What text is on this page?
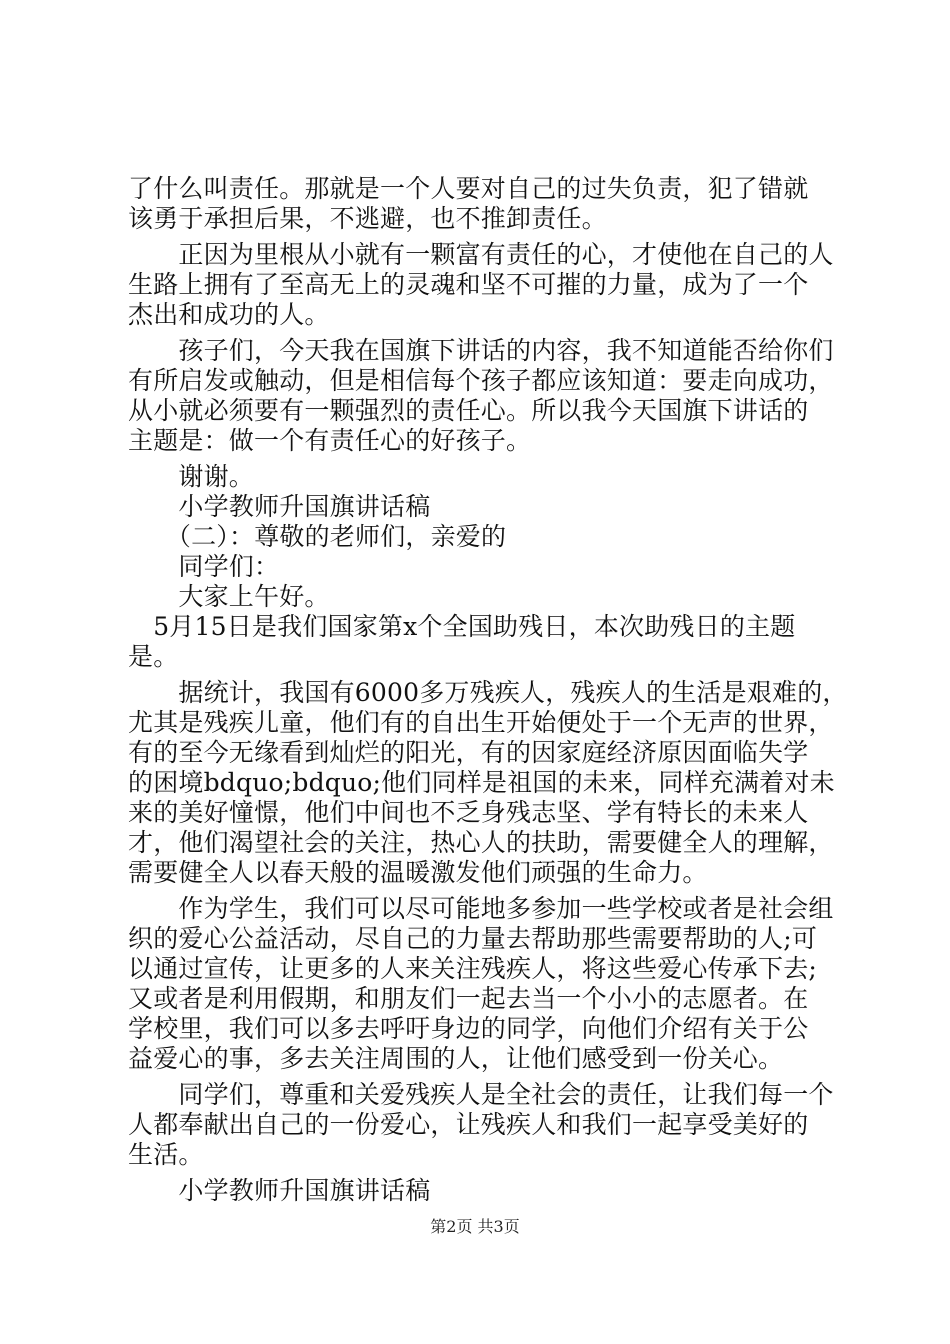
了什么叫责任。那就是一个人要对自己的过失负责，犯了错就
该勇于承担后果，不逃避，也不推卸责任。
　　正因为里根从小就有一颗富有责任的心，才使他在自己的人
生路上拥有了至高无上的灵魂和坚不可摧的力量，成为了一个
杰出和成功的人。
　　孩子们，今天我在国旗下讲话的内容，我不知道能否给你们
有所启发或触动，但是相信每个孩子都应该知道：要走向成功，
从小就必须要有一颗强烈的责任心。所以我今天国旗下讲话的
主题是：做一个有责任心的好孩子。
　　谢谢。
　　小学教师升国旗讲话稿
　　（二）：尊敬的老师们，亲爱的
　　同学们：
　　大家上午好。
　5月15日是我们国家第x个全国助残日，本次助残日的主题
是。
　　据统计，我国有6000多万残疾人，残疾人的生活是艰难的，
尤其是残疾儿童，他们有的自出生开始便处于一个无声的世界，
有的至今无缘看到灿烂的阳光，有的因家庭经济原因面临失学
的困境bdquo;bdquo;他们同样是祖国的未来，同样充满着对未
来的美好憧憬，他们中间也不乏身残志坚、学有特长的未来人
才，他们渴望社会的关注，热心人的扶助，需要健全人的理解，
需要健全人以春天般的温暖激发他们顽强的生命力。
　　作为学生，我们可以尽可能地多参加一些学校或者是社会组
织的爱心公益活动，尽自己的力量去帮助那些需要帮助的人;可
以通过宣传，让更多的人来关注残疾人，将这些爱心传承下去;
又或者是利用假期，和朋友们一起去当一个小小的志愿者。在
学校里，我们可以多去呼吁身边的同学，向他们介绍有关于公
益爱心的事，多去关注周围的人，让他们感受到一份关心。
　　同学们，尊重和关爱残疾人是全社会的责任，让我们每一个
人都奉献出自己的一份爱心，让残疾人和我们一起享受美好的
生活。
　　小学教师升国旗讲话稿
第2页 共3页
